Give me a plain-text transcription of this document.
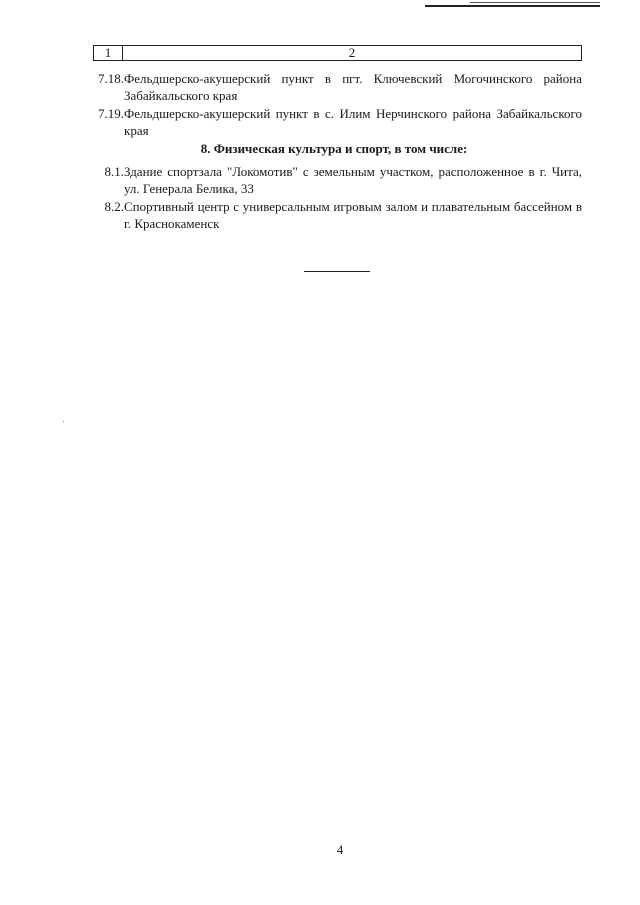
1	2
7.18. Фельдшерско-акушерский пункт в пгт. Ключевский Могочинского района Забайкальского края
7.19. Фельдшерско-акушерский пункт в с. Илим Нерчинского района Забайкальского края
8. Физическая культура и спорт, в том числе:
8.1. Здание спортзала "Локомотив" с земельным участком, расположенное в г. Чита, ул. Генерала Белика, 33
8.2. Спортивный центр с универсальным игровым залом и плавательным бассейном в г. Краснокаменск
4
